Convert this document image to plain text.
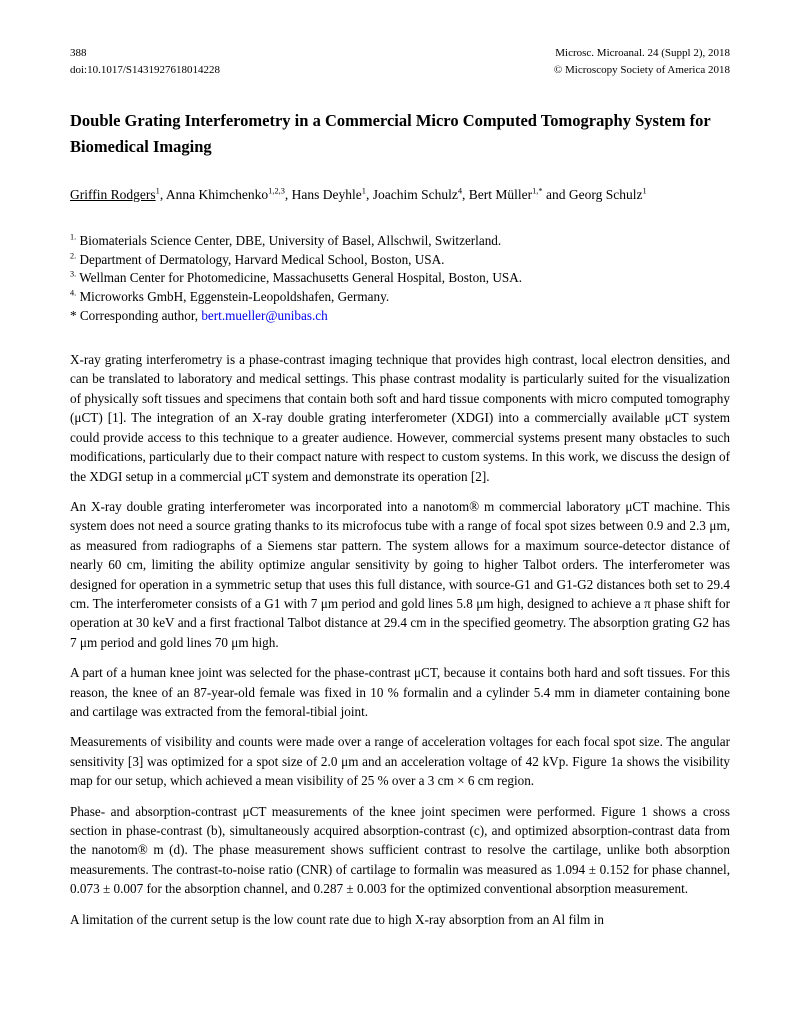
388
doi:10.1017/S1431927618014228
Microsc. Microanal. 24 (Suppl 2), 2018
© Microscopy Society of America 2018
Double Grating Interferometry in a Commercial Micro Computed Tomography System for Biomedical Imaging

Griffin Rodgers$^1$, Anna Khimchenko$^{1,2,3}$, Hans Deyhle$^1$, Joachim Schulz$^4$, Bert Müller$^{1,*}$ and Georg Schulz$^1$

$^{1.}$ Biomaterials Science Center, DBE, University of Basel, Allschwil, Switzerland.

$^{2.}$ Department of Dermatology, Harvard Medical School, Boston, USA.

$^{3.}$ Wellman Center for Photomedicine, Massachusetts General Hospital, Boston, USA.

$^{4.}$ Microworks GmbH, Eggenstein-Leopoldshafen, Germany.

* Corresponding author, bert.mueller@unibas.ch

X-ray grating interferometry is a phase-contrast imaging technique that provides high contrast, local electron densities, and can be translated to laboratory and medical settings. This phase contrast modality is particularly suited for the visualization of physically soft tissues and specimens that contain both soft and hard tissue components with micro computed tomography (μCT) [1]. The integration of an X-ray double grating interferometer (XDGI) into a commercially available μCT system could provide access to this technique to a greater audience. However, commercial systems present many obstacles to such modifications, particularly due to their compact nature with respect to custom systems. In this work, we discuss the design of the XDGI setup in a commercial μCT system and demonstrate its operation [2].

An X-ray double grating interferometer was incorporated into a nanotom® m commercial laboratory μCT machine. This system does not need a source grating thanks to its microfocus tube with a range of focal spot sizes between 0.9 and 2.3 μm, as measured from radiographs of a Siemens star pattern. The system allows for a maximum source-detector distance of nearly 60 cm, limiting the ability optimize angular sensitivity by going to higher Talbot orders. The interferometer was designed for operation in a symmetric setup that uses this full distance, with source-G1 and G1-G2 distances both set to 29.4 cm. The interferometer consists of a G1 with 7 μm period and gold lines 5.8 μm high, designed to achieve a π phase shift for operation at 30 keV and a first fractional Talbot distance at 29.4 cm in the specified geometry. The absorption grating G2 has 7 μm period and gold lines 70 μm high.

A part of a human knee joint was selected for the phase-contrast μCT, because it contains both hard and soft tissues. For this reason, the knee of an 87-year-old female was fixed in 10 % formalin and a cylinder 5.4 mm in diameter containing bone and cartilage was extracted from the femoral-tibial joint.

Measurements of visibility and counts were made over a range of acceleration voltages for each focal spot size. The angular sensitivity [3] was optimized for a spot size of 2.0 μm and an acceleration voltage of 42 kVp. Figure 1a shows the visibility map for our setup, which achieved a mean visibility of 25 % over a 3 cm × 6 cm region.

Phase- and absorption-contrast μCT measurements of the knee joint specimen were performed. Figure 1 shows a cross section in phase-contrast (b), simultaneously acquired absorption-contrast (c), and optimized absorption-contrast data from the nanotom® m (d). The phase measurement shows sufficient contrast to resolve the cartilage, unlike both absorption measurements. The contrast-to-noise ratio (CNR) of cartilage to formalin was measured as 1.094 ± 0.152 for phase channel, 0.073 ± 0.007 for the absorption channel, and 0.287 ± 0.003 for the optimized conventional absorption measurement.

A limitation of the current setup is the low count rate due to high X-ray absorption from an Al film in
